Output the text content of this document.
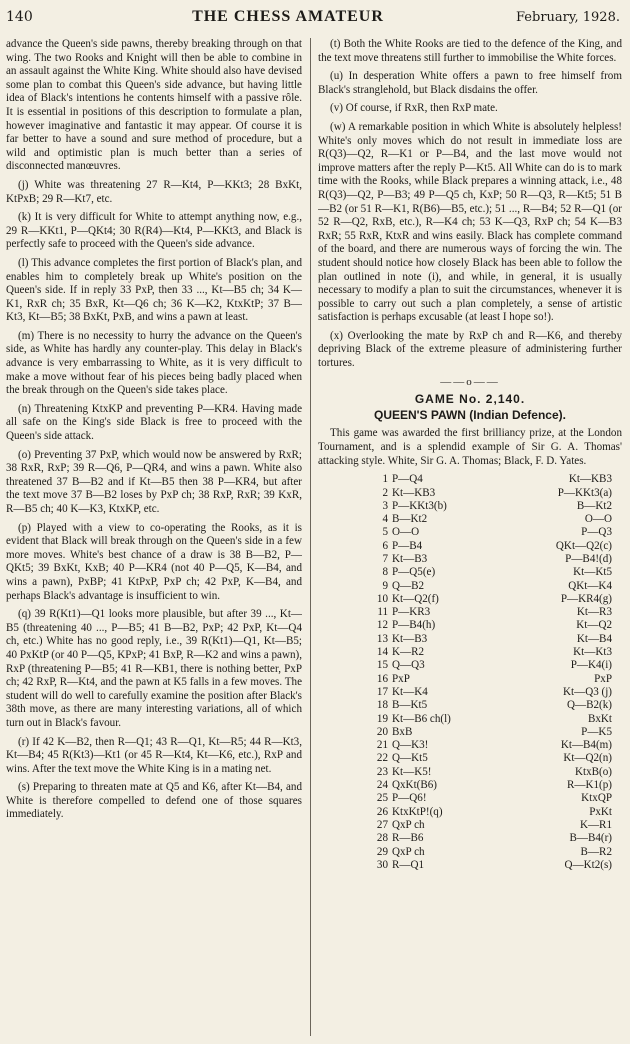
140	THE CHESS AMATEUR	February, 1928.

advance the Queen's side pawns, thereby breaking through on that wing. The two Rooks and Knight will then be able to combine in an assault against the White King. White should also have devised some plan to combat this Queen's side advance, but having little idea of Black's intentions he contents himself with a passive rôle. It is essential in positions of this description to formulate a plan, however imaginative and fantastic it may appear. Of course it is far better to have a sound and sure method of procedure, but a wild and optimistic plan is much better than a series of disconnected manœuvres.

(j) White was threatening 27 R—Kt4, P—KKt3; 28 BxKt, KtPxB; 29 R—Kt7, etc.

(k) It is very difficult for White to attempt anything now, e.g., 29 R—KKt1, P—QKt4; 30 R(R4)—Kt4, P—KKt3, and Black is perfectly safe to proceed with the Queen's side advance.

(l) This advance completes the first portion of Black's plan, and enables him to completely break up White's position on the Queen's side. If in reply 33 PxP, then 33 ..., Kt—B5 ch; 34 K—K1, RxR ch; 35 BxR, Kt—Q6 ch; 36 K—K2, KtxKtP; 37 B—Kt3, Kt—B5; 38 BxKt, PxB, and wins a pawn at least.

(m) There is no necessity to hurry the advance on the Queen's side, as White has hardly any counter-play. This delay in Black's advance is very embarrassing to White, as it is very difficult to make a move without fear of his pieces being badly placed when the break through on the Queen's side takes place.

(n) Threatening KtxKP and preventing P—KR4. Having made all safe on the King's side Black is free to proceed with the Queen's side attack.

(o) Preventing 37 PxP, which would now be answered by RxR; 38 RxR, RxP; 39 R—Q6, P—QR4, and wins a pawn. White also threatened 37 B—B2 and if Kt—B5 then 38 P—KR4, but after the text move 37 B—B2 loses by PxP ch; 38 RxP, RxR; 39 KxR, R—B5 ch; 40 K—K3, KtxKP, etc.

(p) Played with a view to co-operating the Rooks, as it is evident that Black will break through on the Queen's side in a few more moves. White's best chance of a draw is 38 B—B2, P—QKt5; 39 BxKt, KxB; 40 P—KR4 (not 40 P—Q5, K—B4, and wins a pawn), PxBP; 41 KtPxP, PxP ch; 42 PxP, K—B4, and perhaps Black's advantage is insufficient to win.

(q) 39 R(Kt1)—Q1 looks more plausible, but after 39 ..., Kt—B5 (threatening 40 ..., P—B5; 41 B—B2, PxP; 42 PxP, Kt—Q4 ch, etc.) White has no good reply, i.e., 39 R(Kt1)—Q1, Kt—B5; 40 PxKtP (or 40 P—Q5, KPxP; 41 BxP, R—K2 and wins a pawn), RxP (threatening P—B5; 41 R—KB1, there is nothing better, PxP ch; 42 RxP, R—Kt4, and the pawn at K5 falls in a few moves. The student will do well to carefully examine the position after Black's 38th move, as there are many interesting variations, all of which turn out in Black's favour.

(r) If 42 K—B2, then R—Q1; 43 R—Q1, Kt—R5; 44 R—Kt3, Kt—B4; 45 R(Kt3)—Kt1 (or 45 R—Kt4, Kt—K6, etc.), RxP and wins. After the text move the White King is in a mating net.

(s) Preparing to threaten mate at Q5 and K6, after Kt—B4, and White is therefore compelled to defend one of those squares immediately.

(t) Both the White Rooks are tied to the defence of the King, and the text move threatens still further to immobilise the White forces.

(u) In desperation White offers a pawn to free himself from Black's stranglehold, but Black disdains the offer.

(v) Of course, if RxR, then RxP mate.

(w) A remarkable position in which White is absolutely helpless! White's only moves which do not result in immediate loss are R(Q3)—Q2, R—K1 or P—B4, and the last move would not improve matters after the reply P—Kt5. All White can do is to mark time with the Rooks, while Black prepares a winning attack, i.e., 48 R(Q3)—Q2, P—B3; 49 P—Q5 ch, KxP; 50 R—Q3, R—Kt5; 51 B—B2 (or 51 R—K1, R(B6)—B5, etc.); 51 ..., R—B4; 52 R—Q1 (or 52 R—Q2, RxB, etc.), R—K4 ch; 53 K—Q3, RxP ch; 54 K—B3 RxR; 55 RxR, KtxR and wins easily. Black has complete command of the board, and there are numerous ways of forcing the win. The student should notice how closely Black has been able to follow the plan outlined in note (i), and while, in general, it is usually necessary to modify a plan to suit the circumstances, whenever it is possible to carry out such a plan completely, a sense of artistic satisfaction is perhaps excusable (at least I hope so!).

(x) Overlooking the mate by RxP ch and R—K6, and thereby depriving Black of the extreme pleasure of administering further tortures.

——o——
GAME No. 2,140.
QUEEN'S PAWN (Indian Defence).

This game was awarded the first brilliancy prize, at the London Tournament, and is a splendid example of Sir G. A. Thomas' attacking style. White, Sir G. A. Thomas; Black, F. D. Yates.

1	P—Q4	Kt—KB3
2	Kt—KB3	P—KKt3(a)
3	P—KKt3(b)	B—Kt2
4	B—Kt2	O—O
5	O—O	P—Q3
6	P—B4	QKt—Q2(c)
7	Kt—B3	P—B4!(d)
8	P—Q5(e)	Kt—Kt5
9	Q—B2	QKt—K4
10	Kt—Q2(f)	P—KR4(g)
11	P—KR3	Kt—R3
12	P—B4(h)	Kt—Q2
13	Kt—B3	Kt—B4
14	K—R2	Kt—Kt3
15	Q—Q3	P—K4(i)
16	PxP	PxP
17	Kt—K4	Kt—Q3 (j)
18	B—Kt5	Q—B2(k)
19	Kt—B6 ch(l)	BxKt
20	BxB	P—K5
21	Q—K3!	Kt—B4(m)
22	Q—Kt5	Kt—Q2(n)
23	Kt—K5!	KtxB(o)
24	QxKt(B6)	R—K1(p)
25	P—Q6!	KtxQP
26	KtxKtP!(q)	PxKt
27	QxP ch	K—R1
28	R—B6	B—B4(r)
29	QxP ch	B—R2
30	R—Q1	Q—Kt2(s)
